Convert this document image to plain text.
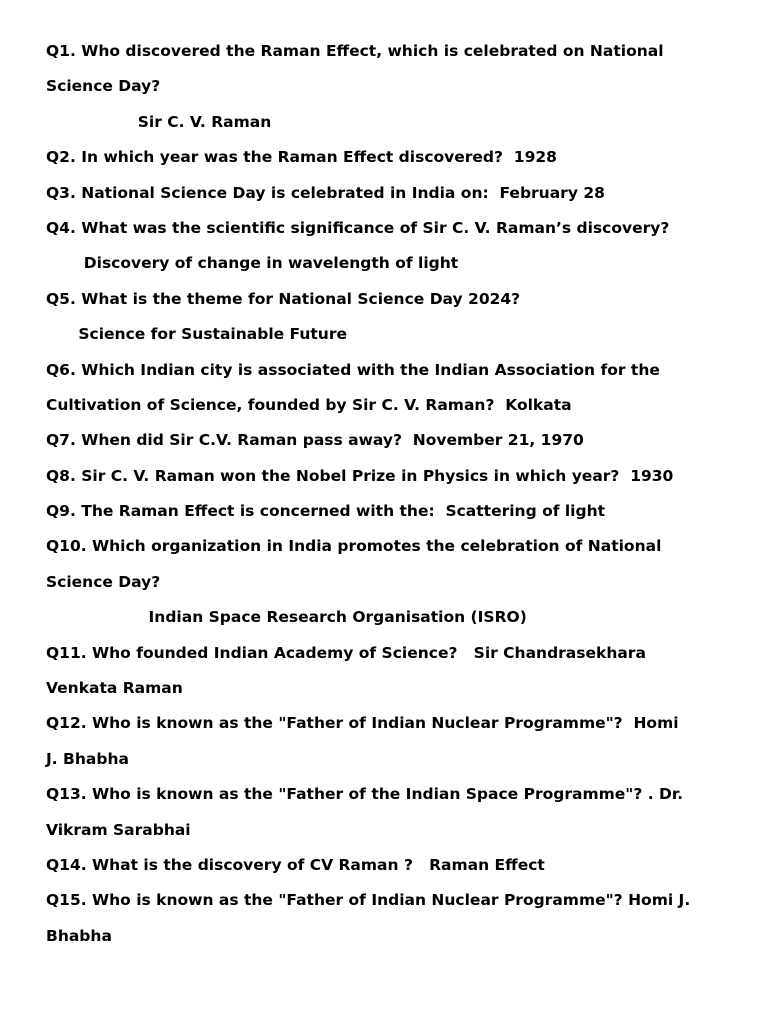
Q1. Who discovered the Raman Effect, which is celebrated on National
Science Day?
Sir C. V. Raman
Q2. In which year was the Raman Effect discovered?  1928
Q3. National Science Day is celebrated in India on:  February 28
Q4. What was the scientific significance of Sir C. V. Raman’s discovery?
Discovery of change in wavelength of light
Q5. What is the theme for National Science Day 2024?
Science for Sustainable Future
Q6. Which Indian city is associated with the Indian Association for the
Cultivation of Science, founded by Sir C. V. Raman?  Kolkata
Q7. When did Sir C.V. Raman pass away?  November 21, 1970
Q8. Sir C. V. Raman won the Nobel Prize in Physics in which year?  1930
Q9. The Raman Effect is concerned with the:  Scattering of light
Q10. Which organization in India promotes the celebration of National
Science Day?
Indian Space Research Organisation (ISRO)
Q11. Who founded Indian Academy of Science?   Sir Chandrasekhara
Venkata Raman
Q12. Who is known as the "Father of Indian Nuclear Programme"?  Homi
J. Bhabha
Q13. Who is known as the "Father of the Indian Space Programme"? . Dr.
Vikram Sarabhai
Q14. What is the discovery of CV Raman ?   Raman Effect
Q15. Who is known as the "Father of Indian Nuclear Programme"? Homi J.
Bhabha
